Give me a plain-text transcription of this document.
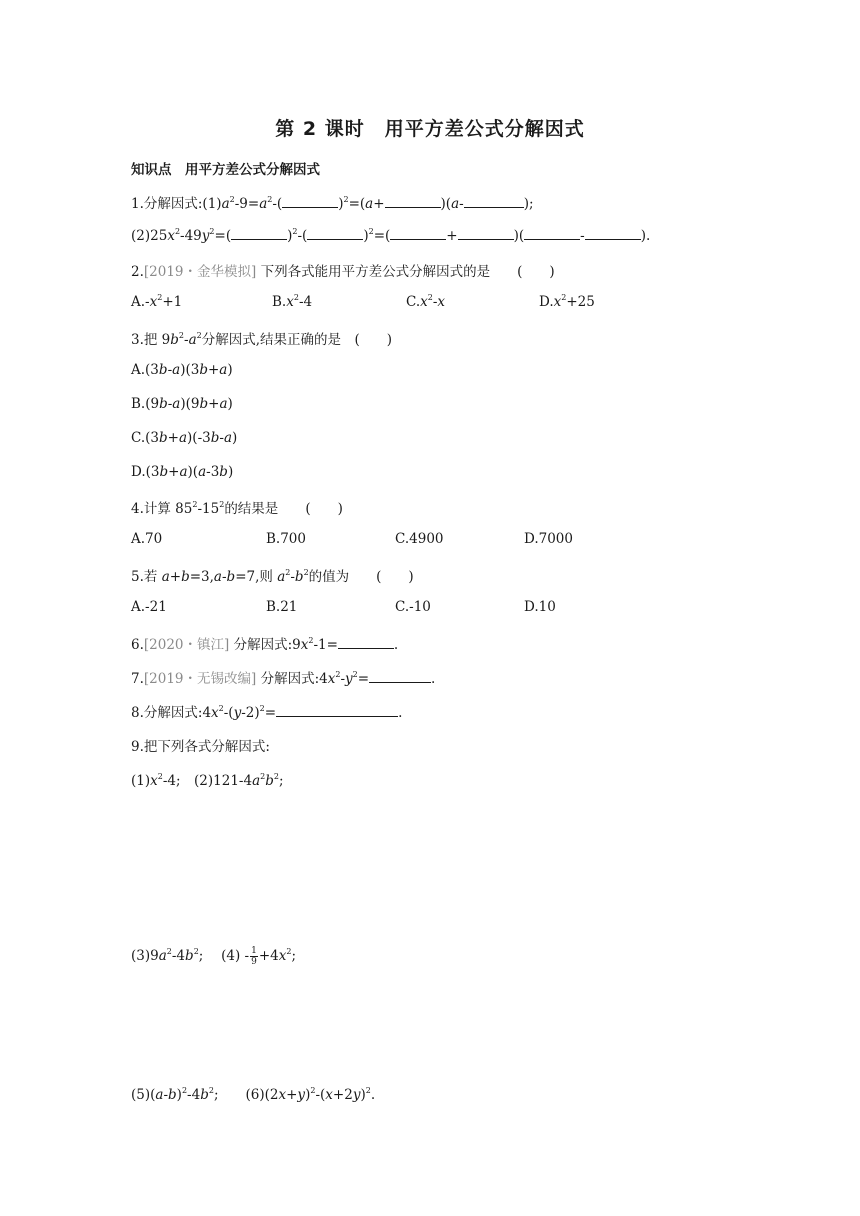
第 2 课时　用平方差公式分解因式
知识点　用平方差公式分解因式
1.分解因式$:(1)a^2-9=a^2-$(	)$^2$=(a+	)(a-	);
$(2)25x^2-49y^2=$(	)$^2$-(	)$^2$=(	+	)(	-	).
2.[2019・金华模拟] 下列各式能用平方差公式分解因式的是　　 (　　)
$A.-x^2+1$	$B.x^2-4$	$C.x^2-x$	$D.x^2+25$
3.把 $9b^2-a^2$分解因式,结果正确的是　 (　　)
A.(3b-a)(3b+a)
B.(9b-a)(9b+a)
C.(3b+a)(-3b-a)
D.(3b+a)(a-3b)
4.计算 $85^2-15^2$的结果是　　 (　　)
A.70	B.700	C.4900	D.7000
5.若 a+b=3,a-b=7,则 $a^2-b^2$的值为　　 (　　)
A.-21	B.21	C.-10	D.10
6.[2020・镇江] 分解因式$:9x^2-1=$	.
7.[2019・无锡改编] 分解因式$:4x^2-y^2=$	.
8.分解因式$:4x^2-(y-2)^2=$	.
9.把下列各式分解因式:
$(1)x^2-4$;　$(2)121-4a^2b^2$;
$(3)9a^2-4b^2$;　 $(4) - \frac{1}{9} +4x^2$;
$(5)(a-b)^2-4b^2$;　　$(6)(2x+y)^2-(x+2y)^2$.
